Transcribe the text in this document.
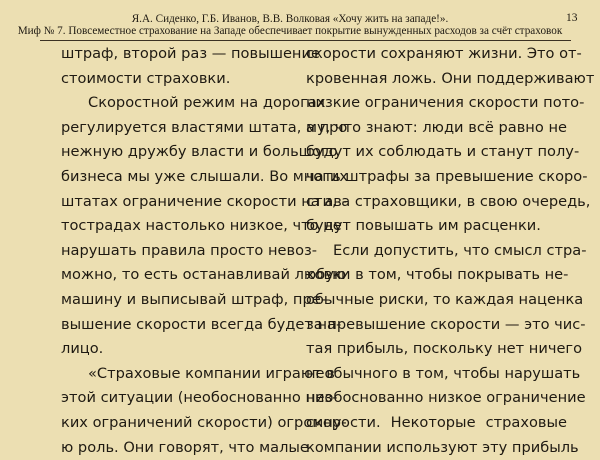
Я.А. Сиденко, Г.Б. Иванов, В.В. Волковая «Хочу жить на западе!».
Миф № 7. Повсеместное страхование на Западе обеспечивает покрытие вынужденных расходов за счёт страховок
13
штраф, второй раз — повышение
стоимости страховки.
Скоростной режим на дорогах
регулируется властями штата, а про
нежную дружбу власти и большого
бизнеса мы уже слышали. Во многих
штатах ограничение скорости на ав-
тострадах настолько низкое, что не
нарушать правила просто невоз-
можно, то есть останавливай любую
машину и выписывай штраф, пре-
вышение скорости всегда будет на-
лицо.
«Страховые компании играют в
этой ситуации (необоснованно низ-
ких ограничений скорости) огромну-
ю роль. Они говорят, что малые
скорости сохраняют жизни. Это от-
кровенная ложь. Они поддерживают
низкие ограничения скорости пото-
му, что знают: люди всё равно не
будут их соблюдать и станут полу-
чать штрафы за превышение скоро-
сти, а страховщики, в свою очередь,
будут повышать им расценки.
Если допустить, что смысл стра-
ховки в том, чтобы покрывать не-
обычные риски, то каждая наценка
за превышение скорости — это чис-
тая прибыль, поскольку нет ничего
необычного в том, чтобы нарушать
необоснованно низкое ограничение
скорости. Некоторые страховые
компании используют эту прибыль
